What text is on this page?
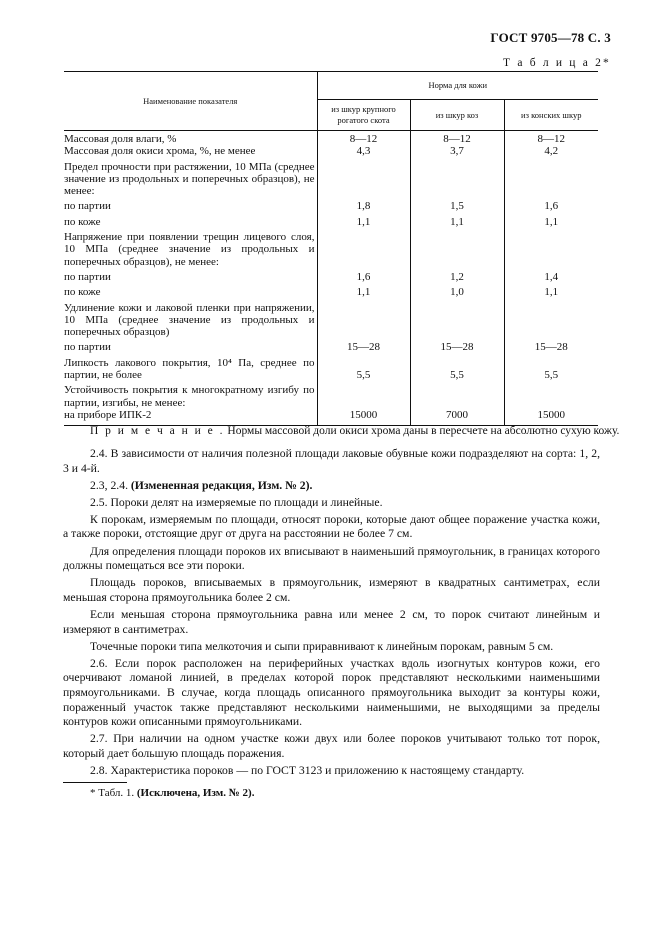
ГОСТ 9705—78 С. 3
Т а б л и ц а 2*
Наименование показателя	Норма для кожи		
	из шкур крупного рогатого скота	из шкур коз	из конских шкур
Массовая доля влаги, %	8—12	8—12	8—12
Массовая доля окиси хрома, %, не менее	4,3	3,7	4,2
Предел прочности при растяжении, 10 МПа (среднее значение из продольных и поперечных образцов), не менее:			
по партии	1,8	1,5	1,6
по коже	1,1	1,1	1,1
Напряжение при появлении трещин лицевого слоя, 10 МПа (среднее значение из продольных и поперечных образцов), не менее:			
по партии	1,6	1,2	1,4
по коже	1,1	1,0	1,1
Удлинение кожи и лаковой пленки при напряжении, 10 МПа (среднее значение из продольных и поперечных образцов)			
по партии	15—28	15—28	15—28
Липкость лакового покрытия, 10⁴ Па, среднее по партии, не более	5,5	5,5	5,5
Устойчивость покрытия к многократному изгибу по партии, изгибы, не менее:			
на приборе ИПК-2	15000	7000	15000
П р и м е ч а н и е . Нормы массовой доли окиси хрома даны в пересчете на абсолютно сухую кожу.

2.4. В зависимости от наличия полезной площади лаковые обувные кожи подразделяют на сорта: 1, 2, 3 и 4-й.

2.3, 2.4. (Измененная редакция, Изм. № 2).

2.5. Пороки делят на измеряемые по площади и линейные.

К порокам, измеряемым по площади, относят пороки, которые дают общее поражение участка кожи, а также пороки, отстоящие друг от друга на расстоянии не более 7 см.

Для определения площади пороков их вписывают в наименьший прямоугольник, в границах которого должны помещаться все эти пороки.

Площадь пороков, вписываемых в прямоугольник, измеряют в квадратных сантиметрах, если меньшая сторона прямоугольника более 2 см.

Если меньшая сторона прямоугольника равна или менее 2 см, то порок считают линейным и измеряют в сантиметрах.

Точечные пороки типа мелкоточия и сыпи приравнивают к линейным порокам, равным 5 см.

2.6. Если порок расположен на периферийных участках вдоль изогнутых контуров кожи, его очерчивают ломаной линией, в пределах которой порок представляют несколькими наименьшими прямоугольниками. В случае, когда площадь описанного прямоугольника выходит за контуры кожи, пораженный участок также представляют несколькими наименьшими, не выходящими за пределы контуров кожи описанными прямоугольниками.

2.7. При наличии на одном участке кожи двух или более пороков учитывают только тот порок, который дает большую площадь поражения.

2.8. Характеристика пороков — по ГОСТ 3123 и приложению к настоящему стандарту.

* Табл. 1. (Исключена, Изм. № 2).
